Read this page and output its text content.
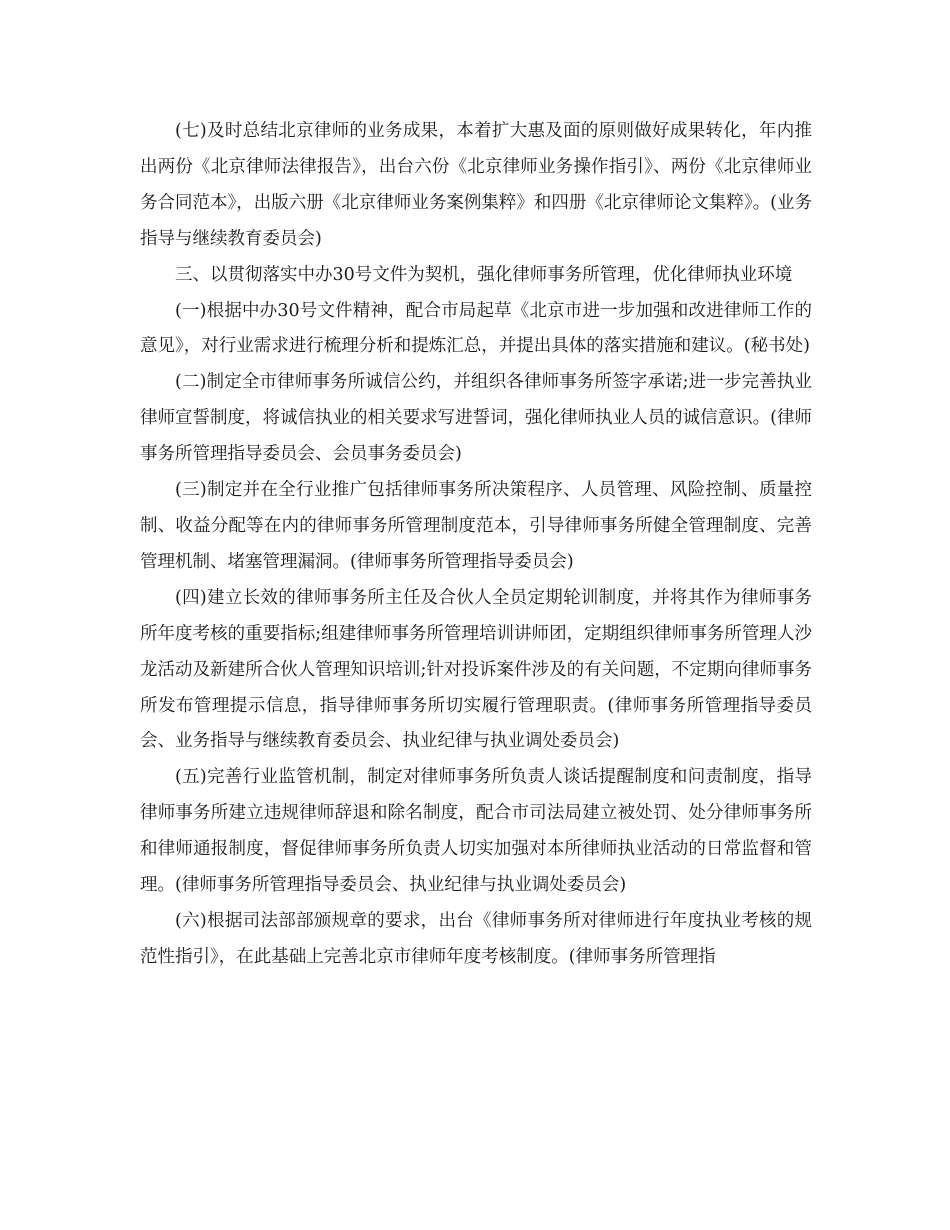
(七)及时总结北京律师的业务成果，本着扩大惠及面的原则做好成果转化，年内推出两份《北京律师法律报告》，出台六份《北京律师业务操作指引》、两份《北京律师业务合同范本》，出版六册《北京律师业务案例集粹》和四册《北京律师论文集粹》。(业务指导与继续教育委员会)

三、以贯彻落实中办30号文件为契机，强化律师事务所管理，优化律师执业环境

(一)根据中办30号文件精神，配合市局起草《北京市进一步加强和改进律师工作的意见》，对行业需求进行梳理分析和提炼汇总，并提出具体的落实措施和建议。(秘书处)

(二)制定全市律师事务所诚信公约，并组织各律师事务所签字承诺;进一步完善执业律师宣誓制度，将诚信执业的相关要求写进誓词，强化律师执业人员的诚信意识。(律师事务所管理指导委员会、会员事务委员会)

(三)制定并在全行业推广包括律师事务所决策程序、人员管理、风险控制、质量控制、收益分配等在内的律师事务所管理制度范本，引导律师事务所健全管理制度、完善管理机制、堵塞管理漏洞。(律师事务所管理指导委员会)

(四)建立长效的律师事务所主任及合伙人全员定期轮训制度，并将其作为律师事务所年度考核的重要指标;组建律师事务所管理培训讲师团，定期组织律师事务所管理人沙龙活动及新建所合伙人管理知识培训;针对投诉案件涉及的有关问题，不定期向律师事务所发布管理提示信息，指导律师事务所切实履行管理职责。(律师事务所管理指导委员会、业务指导与继续教育委员会、执业纪律与执业调处委员会)

(五)完善行业监管机制，制定对律师事务所负责人谈话提醒制度和问责制度，指导律师事务所建立违规律师辞退和除名制度，配合市司法局建立被处罚、处分律师事务所和律师通报制度，督促律师事务所负责人切实加强对本所律师执业活动的日常监督和管理。(律师事务所管理指导委员会、执业纪律与执业调处委员会)

(六)根据司法部部颁规章的要求，出台《律师事务所对律师进行年度执业考核的规范性指引》，在此基础上完善北京市律师年度考核制度。(律师事务所管理指
